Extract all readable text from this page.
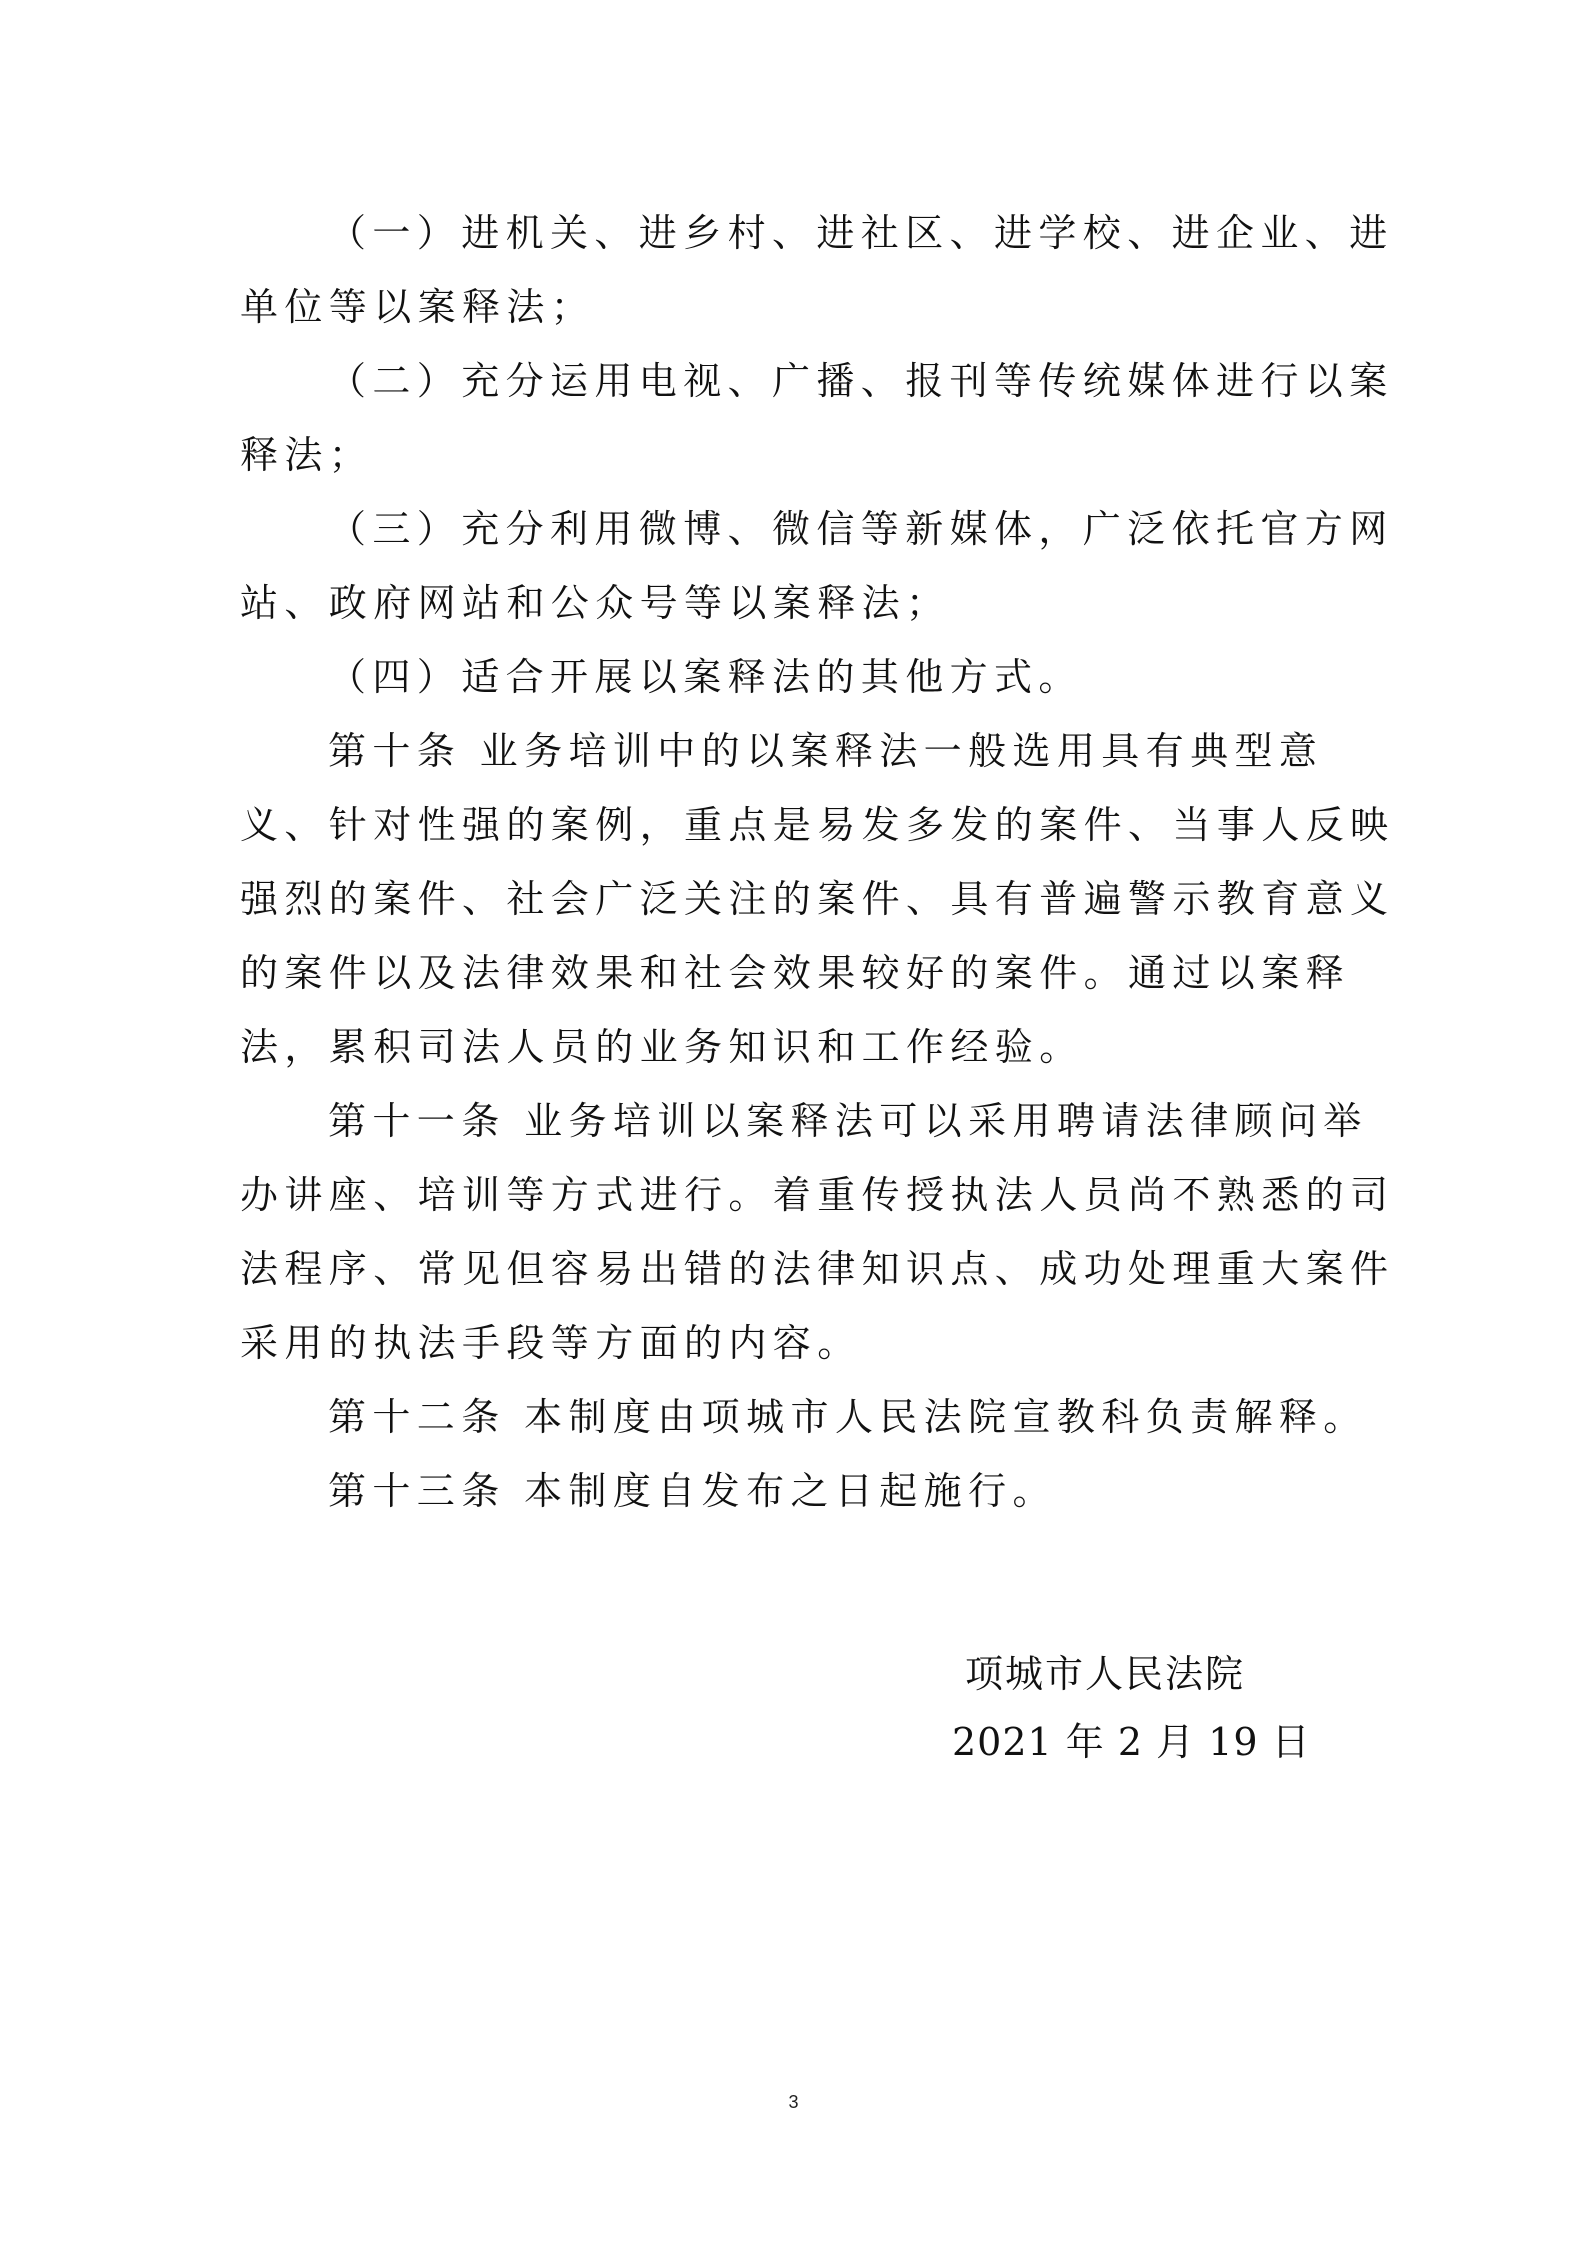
（一）进机关、进乡村、进社区、进学校、进企业、进
单位等以案释法；
（二）充分运用电视、广播、报刊等传统媒体进行以案
释法；
（三）充分利用微博、微信等新媒体，广泛依托官方网
站、政府网站和公众号等以案释法；
（四）适合开展以案释法的其他方式。
第十条 业务培训中的以案释法一般选用具有典型意
义、针对性强的案例，重点是易发多发的案件、当事人反映
强烈的案件、社会广泛关注的案件、具有普遍警示教育意义
的案件以及法律效果和社会效果较好的案件。通过以案释
法，累积司法人员的业务知识和工作经验。
第十一条 业务培训以案释法可以采用聘请法律顾问举
办讲座、培训等方式进行。着重传授执法人员尚不熟悉的司
法程序、常见但容易出错的法律知识点、成功处理重大案件
采用的执法手段等方面的内容。
第十二条 本制度由项城市人民法院宣教科负责解释。
第十三条 本制度自发布之日起施行。
项城市人民法院
2021 年 2 月 19 日
3
